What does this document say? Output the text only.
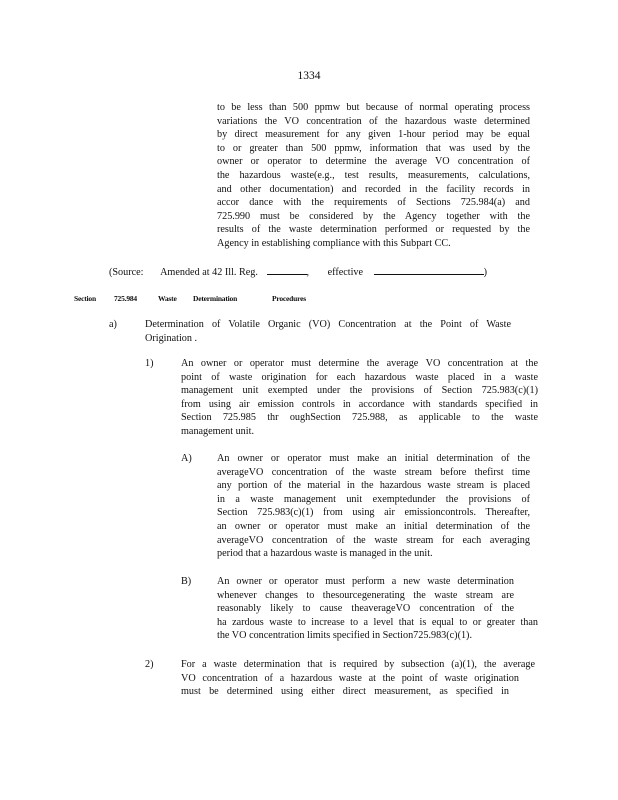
1334
to be less than 500 ppmw but because of normal operating process
variations the VO concentration of the hazardous waste determined
by direct measurement for any given 1-hour period may be equal
to or greater than 500 ppmw, information that was used by the
owner or operator to determine the average VO concentration of
the hazardous waste(e.g., test results, measurements, calculations,
and other documentation) and recorded in the facility records in
accor dance with the requirements of Sections 725.984(a) and
725.990 must be considered by the Agency together with the
results of the waste determination performed or requested by the
Agency in establishing compliance with this Subpart CC.
(Source: Amended at 42 Ill. Reg.	, effective	)
Section 725.984	Waste Determination	Procedures
a)	Determination of Volatile Organic (VO) Concentration at the Point of Waste
Origination .
1)	An owner or operator must determine the average VO concentration at the
point of waste origination for each hazardous waste placed in a waste
management unit exempted under the provisions of Section 725.983(c)(1)
from using air emission controls in accordance with standards specified in
Section 725.985 thr oughSection 725.988, as applicable to the waste
management unit.
A) An owner or operator must make an initial determination of the
averageVO concentration of the waste stream before thefirst time
any portion of the material in the hazardous waste stream is placed
in a waste management unit exemptedunder the provisions of
Section 725.983(c)(1) from using air emissioncontrols. Thereafter,
an owner or operator must make an initial determination of the
averageVO concentration of the waste stream for each averaging
period that a hazardous waste is managed in the unit.
B)	An owner or operator must perform a new waste determination
whenever changes to thesourcegenerating the waste stream are
reasonably likely to cause theaverageVO concentration of the
ha zardous waste to increase to a level that is equal to or greater than
the VO concentration limits specified in Section725.983(c)(1).
2)	For a waste determination that is required by subsection (a)(1), the average
VO concentration of a hazardous waste at the point of waste origination
must be determined using either direct measurement, as specified in
